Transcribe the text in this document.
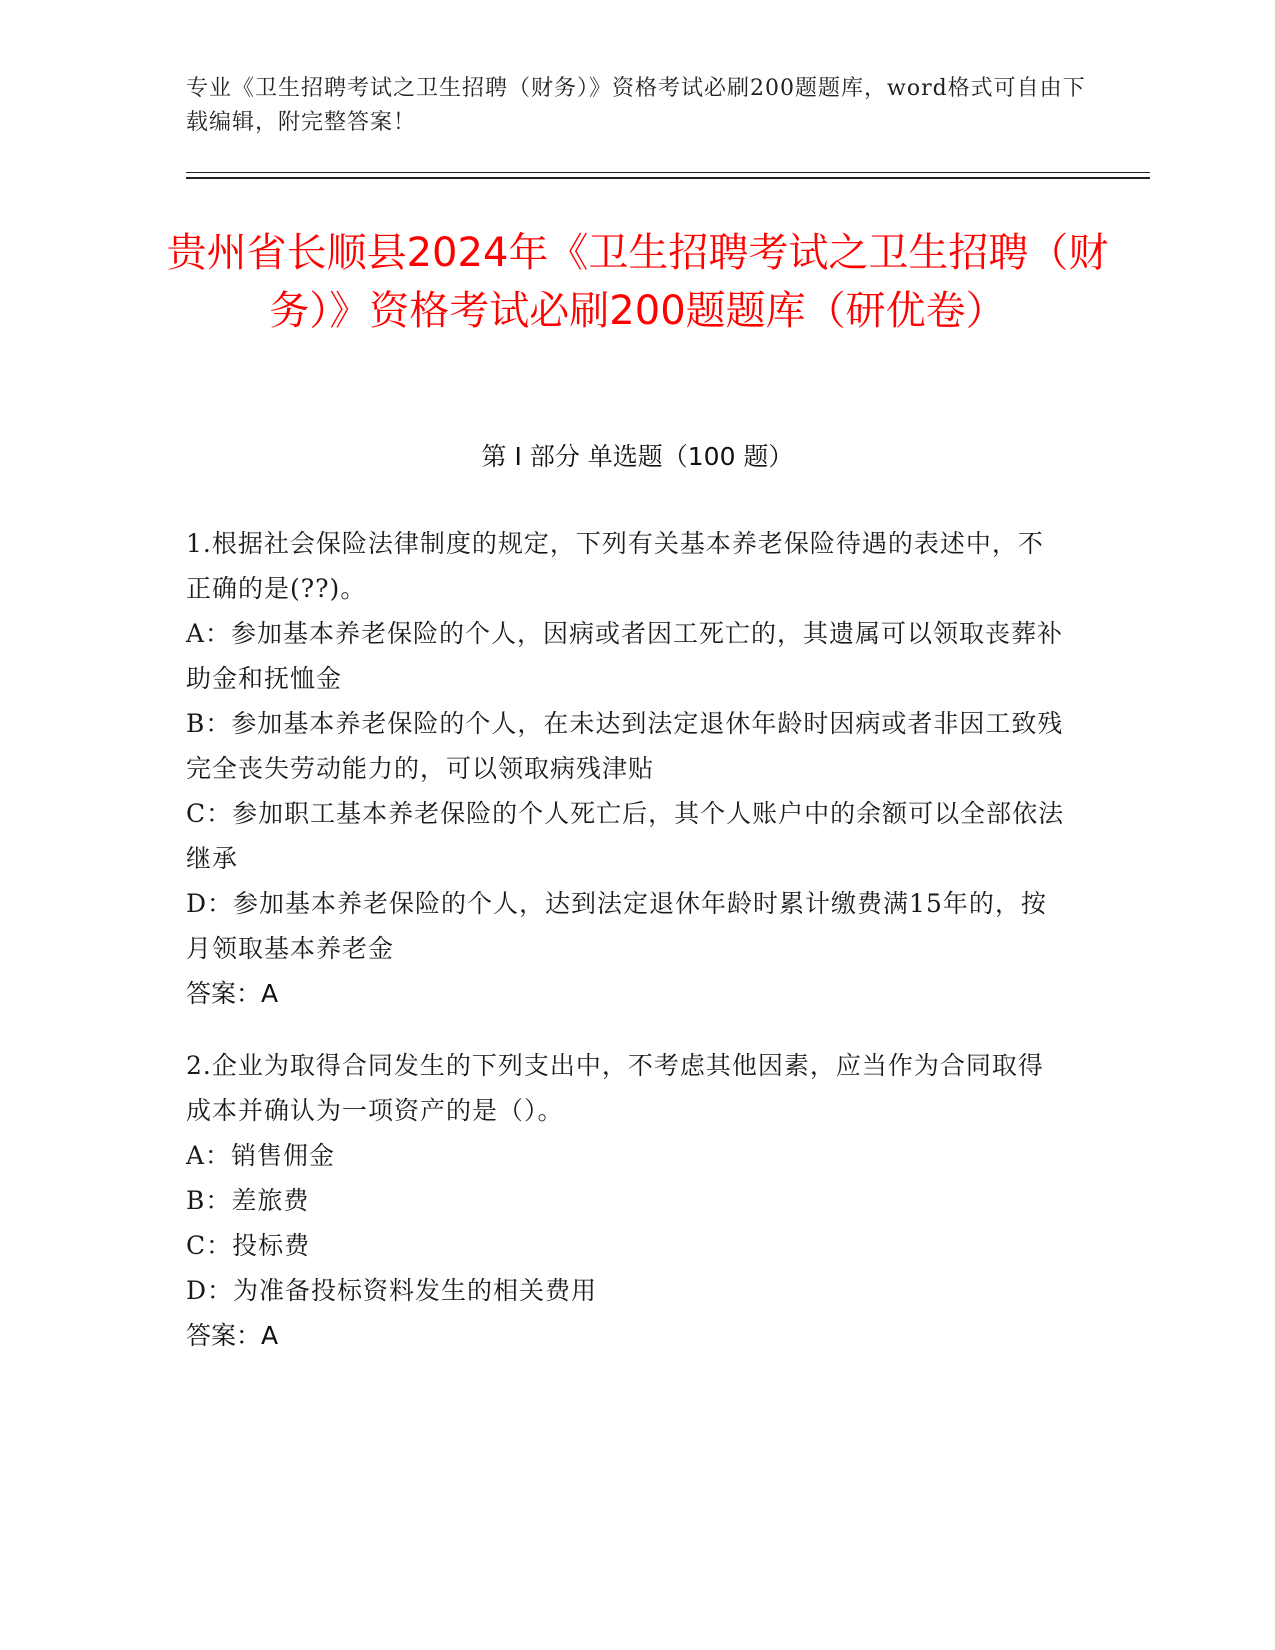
专业《卫生招聘考试之卫生招聘（财务）》资格考试必刷200题题库，word格式可自由下载编辑，附完整答案！
贵州省长顺县2024年《卫生招聘考试之卫生招聘（财务）》资格考试必刷200题题库（研优卷）
第 I 部分 单选题（100 题）
1.根据社会保险法律制度的规定，下列有关基本养老保险待遇的表述中，不正确的是(??)。
A：参加基本养老保险的个人，因病或者因工死亡的，其遗属可以领取丧葬补助金和抚恤金
B：参加基本养老保险的个人，在未达到法定退休年龄时因病或者非因工致残完全丧失劳动能力的，可以领取病残津贴
C：参加职工基本养老保险的个人死亡后，其个人账户中的余额可以全部依法继承
D：参加基本养老保险的个人，达到法定退休年龄时累计缴费满15年的，按月领取基本养老金
答案：A
2.企业为取得合同发生的下列支出中，不考虑其他因素，应当作为合同取得成本并确认为一项资产的是（）。
A：销售佣金
B：差旅费
C：投标费
D：为准备投标资料发生的相关费用
答案：A
